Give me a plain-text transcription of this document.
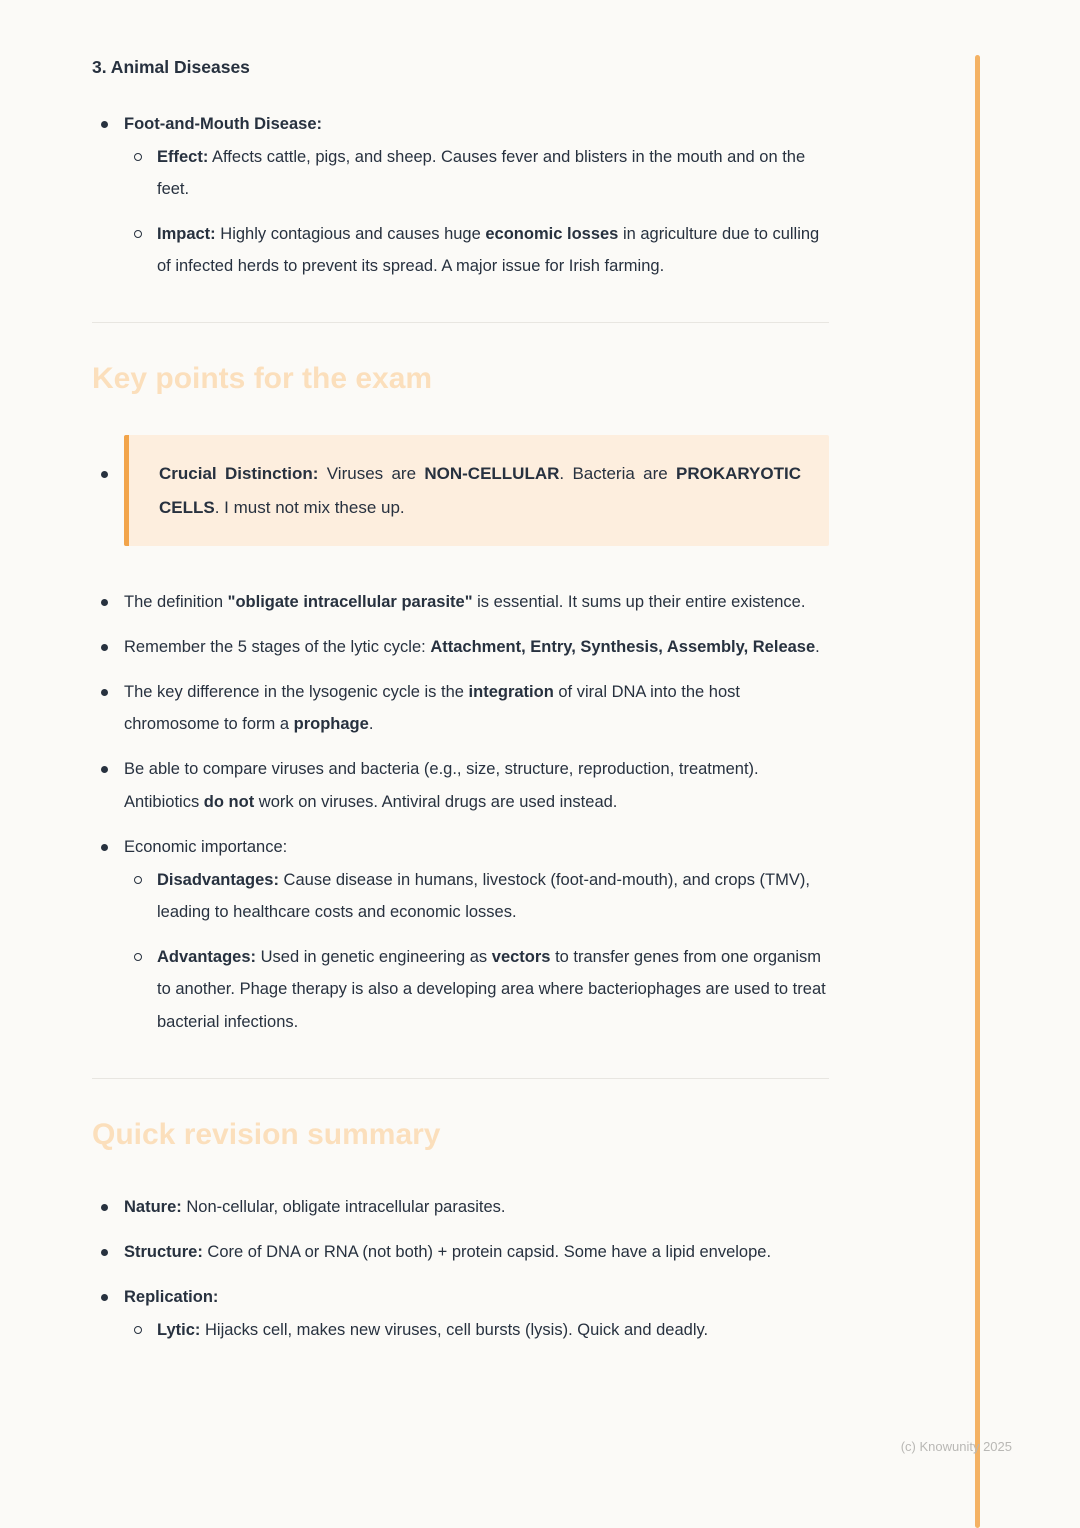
3. Animal Diseases

Foot-and-Mouth Disease:

Effect: Affects cattle, pigs, and sheep. Causes fever and blisters in the mouth and on the feet.

Impact: Highly contagious and causes huge economic losses in agriculture due to culling of infected herds to prevent its spread. A major issue for Irish farming.

Key points for the exam

Crucial Distinction: Viruses are NON-CELLULAR. Bacteria are PROKARYOTIC CELLS. I must not mix these up.

The definition "obligate intracellular parasite" is essential. It sums up their entire existence.

Remember the 5 stages of the lytic cycle: Attachment, Entry, Synthesis, Assembly, Release.

The key difference in the lysogenic cycle is the integration of viral DNA into the host chromosome to form a prophage.

Be able to compare viruses and bacteria (e.g., size, structure, reproduction, treatment). Antibiotics do not work on viruses. Antiviral drugs are used instead.

Economic importance:

Disadvantages: Cause disease in humans, livestock (foot-and-mouth), and crops (TMV), leading to healthcare costs and economic losses.

Advantages: Used in genetic engineering as vectors to transfer genes from one organism to another. Phage therapy is also a developing area where bacteriophages are used to treat bacterial infections.

Quick revision summary

Nature: Non-cellular, obligate intracellular parasites.

Structure: Core of DNA or RNA (not both) + protein capsid. Some have a lipid envelope.

Replication:

Lytic: Hijacks cell, makes new viruses, cell bursts (lysis). Quick and deadly.

(c) Knowunity 2025
